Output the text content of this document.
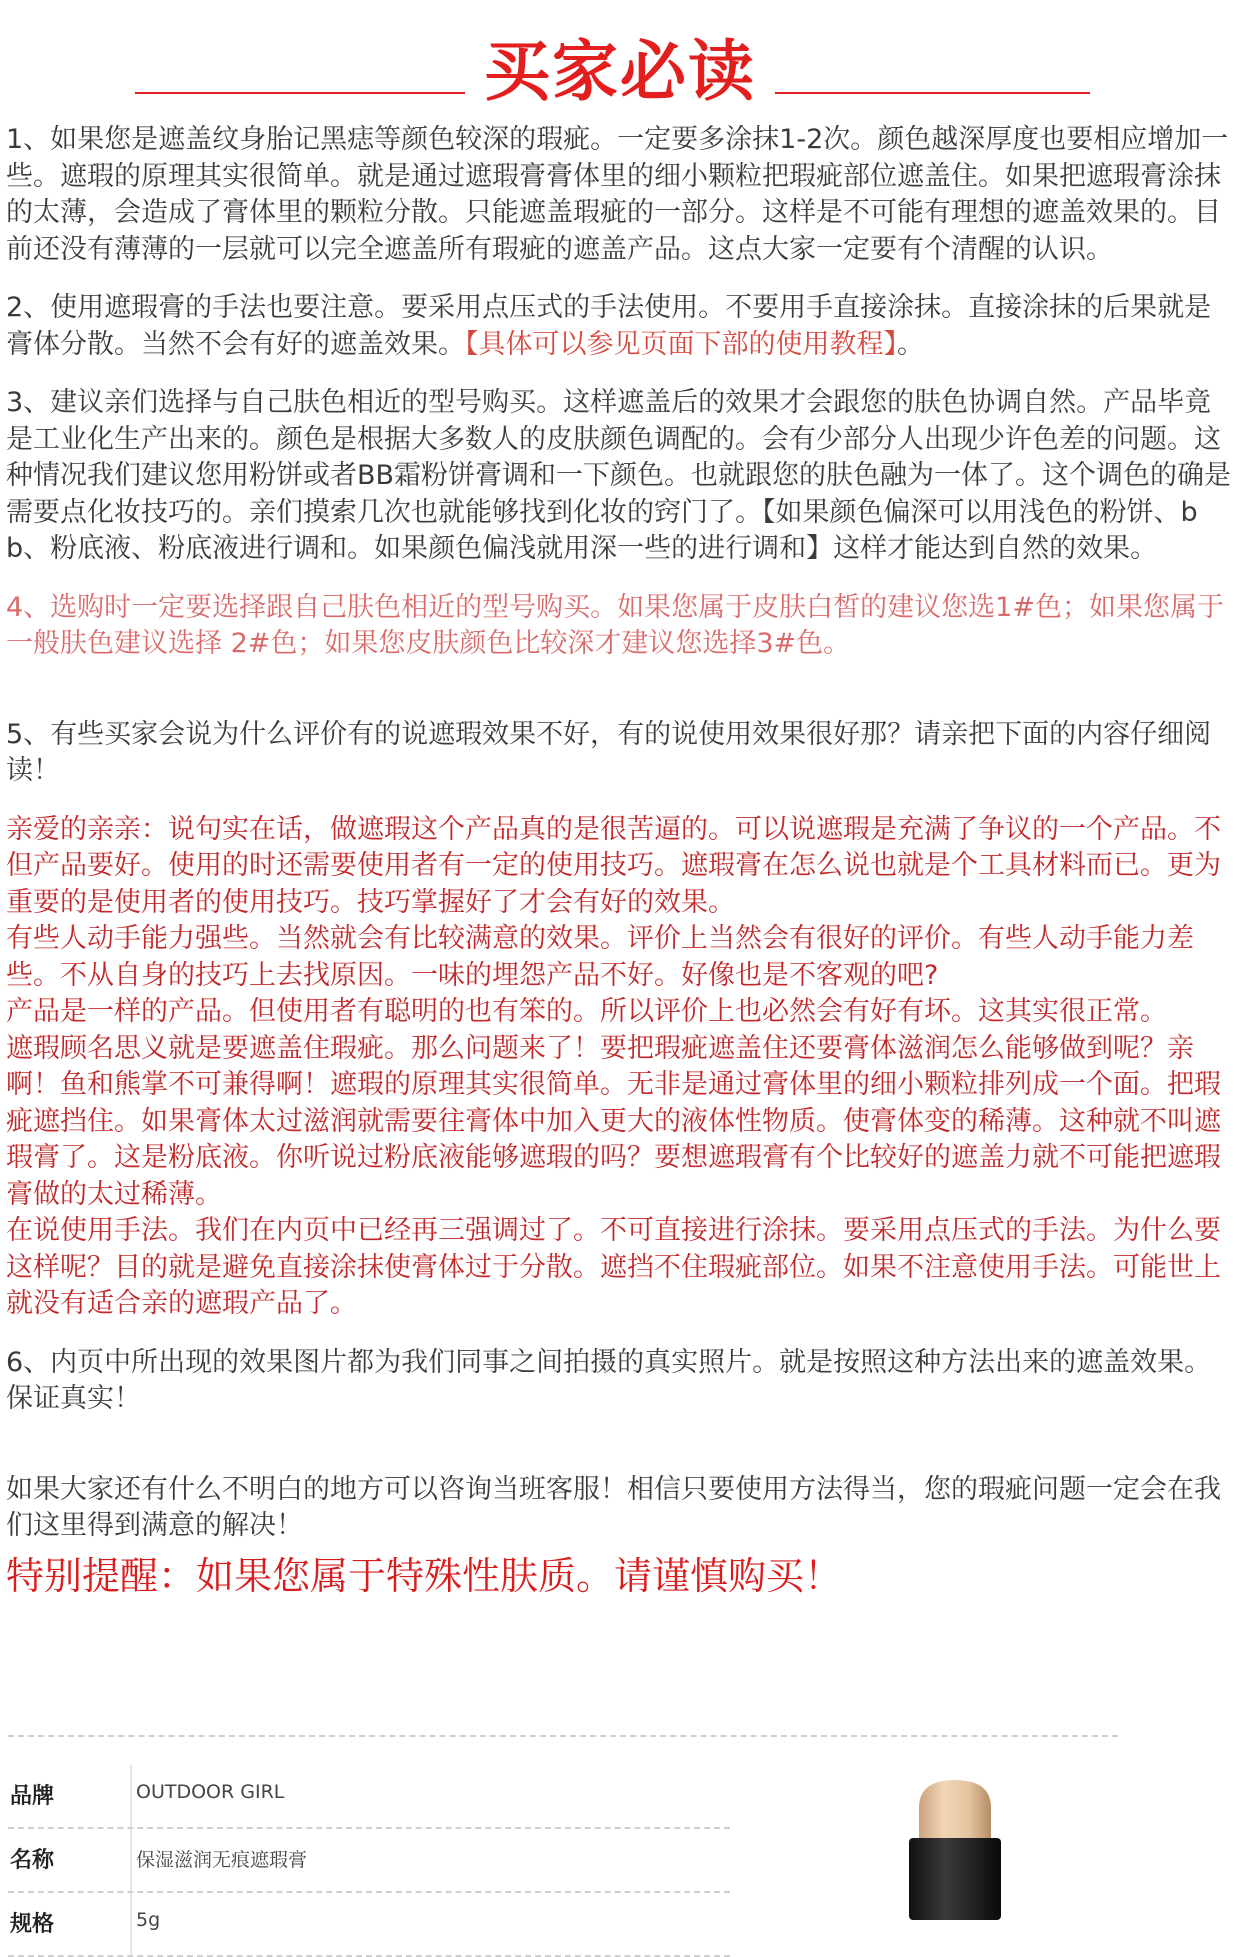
买家必读

1、如果您是遮盖纹身胎记黑痣等颜色较深的瑕疵。一定要多涂抹1-2次。颜色越深厚度也要相应增加一些。遮瑕的原理其实很简单。就是通过遮瑕膏膏体里的细小颗粒把瑕疵部位遮盖住。如果把遮瑕膏涂抹的太薄，会造成了膏体里的颗粒分散。只能遮盖瑕疵的一部分。这样是不可能有理想的遮盖效果的。目前还没有薄薄的一层就可以完全遮盖所有瑕疵的遮盖产品。这点大家一定要有个清醒的认识。

2、使用遮瑕膏的手法也要注意。要采用点压式的手法使用。不要用手直接涂抹。直接涂抹的后果就是膏体分散。当然不会有好的遮盖效果。【具体可以参见页面下部的使用教程】。

3、建议亲们选择与自己肤色相近的型号购买。这样遮盖后的效果才会跟您的肤色协调自然。产品毕竟是工业化生产出来的。颜色是根据大多数人的皮肤颜色调配的。会有少部分人出现少许色差的问题。这种情况我们建议您用粉饼或者BB霜粉饼膏调和一下颜色。也就跟您的肤色融为一体了。这个调色的确是需要点化妆技巧的。亲们摸索几次也就能够找到化妆的窍门了。【如果颜色偏深可以用浅色的粉饼、bb、粉底液、粉底液进行调和。如果颜色偏浅就用深一些的进行调和】这样才能达到自然的效果。

4、选购时一定要选择跟自己肤色相近的型号购买。如果您属于皮肤白皙的建议您选1#色；如果您属于一般肤色建议选择 2#色；如果您皮肤颜色比较深才建议您选择3#色。

5、有些买家会说为什么评价有的说遮瑕效果不好，有的说使用效果很好那？请亲把下面的内容仔细阅读！

亲爱的亲亲：说句实在话，做遮瑕这个产品真的是很苦逼的。可以说遮瑕是充满了争议的一个产品。不但产品要好。使用的时还需要使用者有一定的使用技巧。遮瑕膏在怎么说也就是个工具材料而已。更为重要的是使用者的使用技巧。技巧掌握好了才会有好的效果。

有些人动手能力强些。当然就会有比较满意的效果。评价上当然会有很好的评价。有些人动手能力差些。不从自身的技巧上去找原因。一味的埋怨产品不好。好像也是不客观的吧?

产品是一样的产品。但使用者有聪明的也有笨的。所以评价上也必然会有好有坏。这其实很正常。

遮瑕顾名思义就是要遮盖住瑕疵。那么问题来了！要把瑕疵遮盖住还要膏体滋润怎么能够做到呢？亲啊！鱼和熊掌不可兼得啊！遮瑕的原理其实很简单。无非是通过膏体里的细小颗粒排列成一个面。把瑕疵遮挡住。如果膏体太过滋润就需要往膏体中加入更大的液体性物质。使膏体变的稀薄。这种就不叫遮瑕膏了。这是粉底液。你听说过粉底液能够遮瑕的吗？要想遮瑕膏有个比较好的遮盖力就不可能把遮瑕膏做的太过稀薄。

在说使用手法。我们在内页中已经再三强调过了。不可直接进行涂抹。要采用点压式的手法。为什么要这样呢？目的就是避免直接涂抹使膏体过于分散。遮挡不住瑕疵部位。如果不注意使用手法。可能世上就没有适合亲的遮瑕产品了。

6、内页中所出现的效果图片都为我们同事之间拍摄的真实照片。就是按照这种方法出来的遮盖效果。保证真实！

如果大家还有什么不明白的地方可以咨询当班客服！相信只要使用方法得当，您的瑕疵问题一定会在我们这里得到满意的解决！

特别提醒：如果您属于特殊性肤质。请谨慎购买！

品牌	OUTDOOR GIRL
名称	保湿滋润无痕遮瑕膏
规格	5g
